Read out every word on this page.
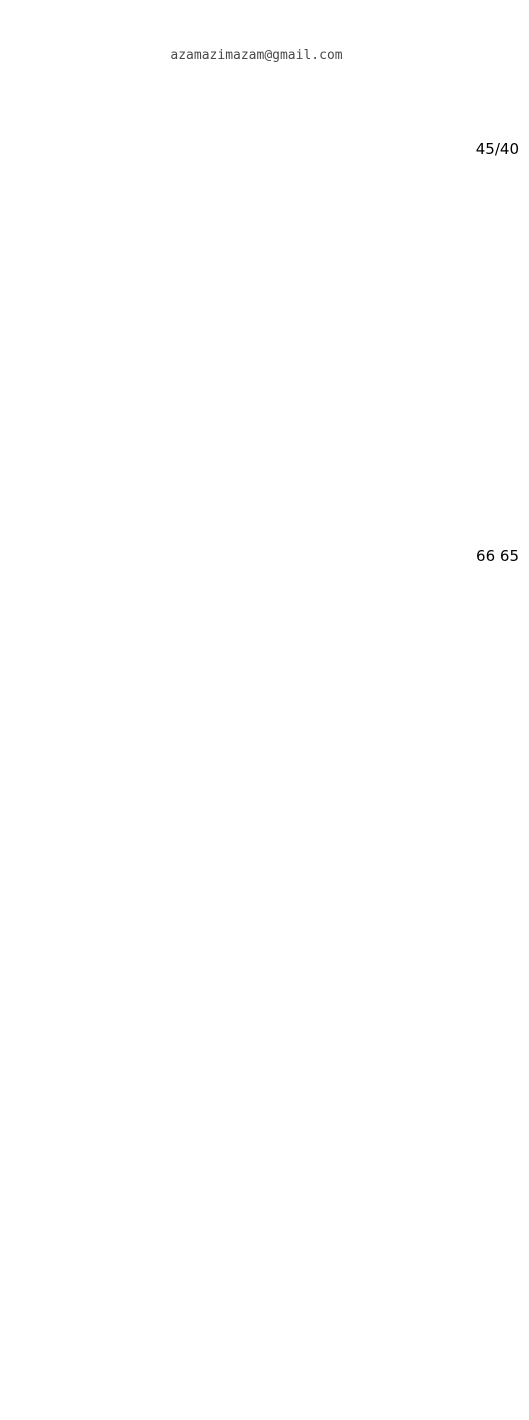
azamazimazam@gmail.com
45/40
65 66
